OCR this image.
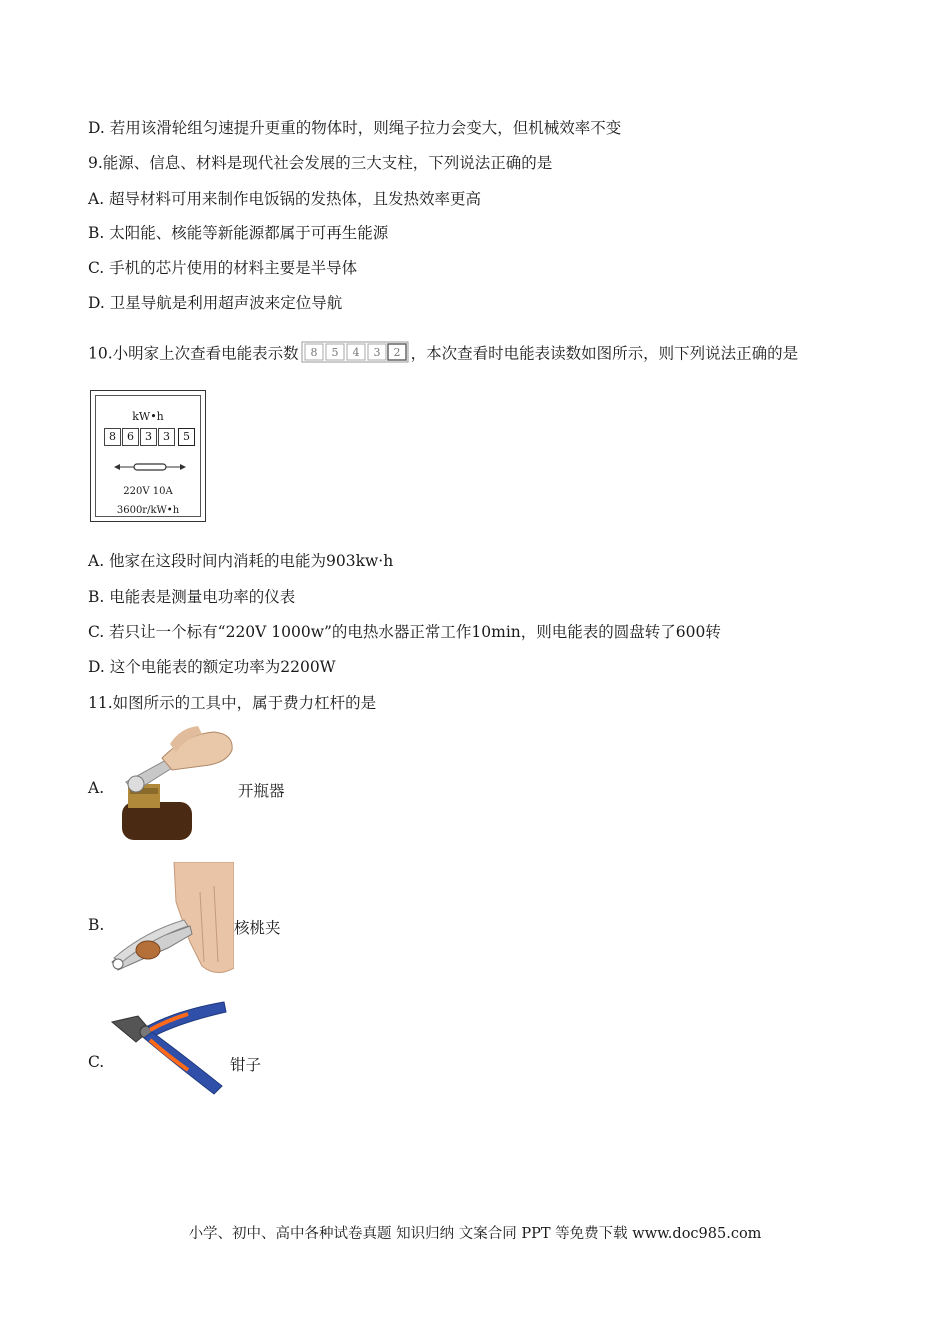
D. 若用该滑轮组匀速提升更重的物体时，则绳子拉力会变大，但机械效率不变
9.能源、信息、材料是现代社会发展的三大支柱，下列说法正确的是
A. 超导材料可用来制作电饭锅的发热体，且发热效率更高
B. 太阳能、核能等新能源都属于可再生能源
C. 手机的芯片使用的材料主要是半导体
D. 卫星导航是利用超声波来定位导航
10.小明家上次查看电能表示数 8 5 4 3 2 ，本次查看时电能表读数如图所示，则下列说法正确的是
kW•h
8	6	3	3	5
220V 10A
3600r/kW•h
A. 他家在这段时间内消耗的电能为903kw·h
B. 电能表是测量电功率的仪表
C. 若只让一个标有“220V 1000w”的电热水器正常工作10min，则电能表的圆盘转了600转
D. 这个电能表的额定功率为2200W
11.如图所示的工具中，属于费力杠杆的是
A.	开瓶器
B.	核桃夹
C.	钳子
小学、初中、高中各种试卷真题 知识归纳 文案合同 PPT 等免费下载 www.doc985.com
